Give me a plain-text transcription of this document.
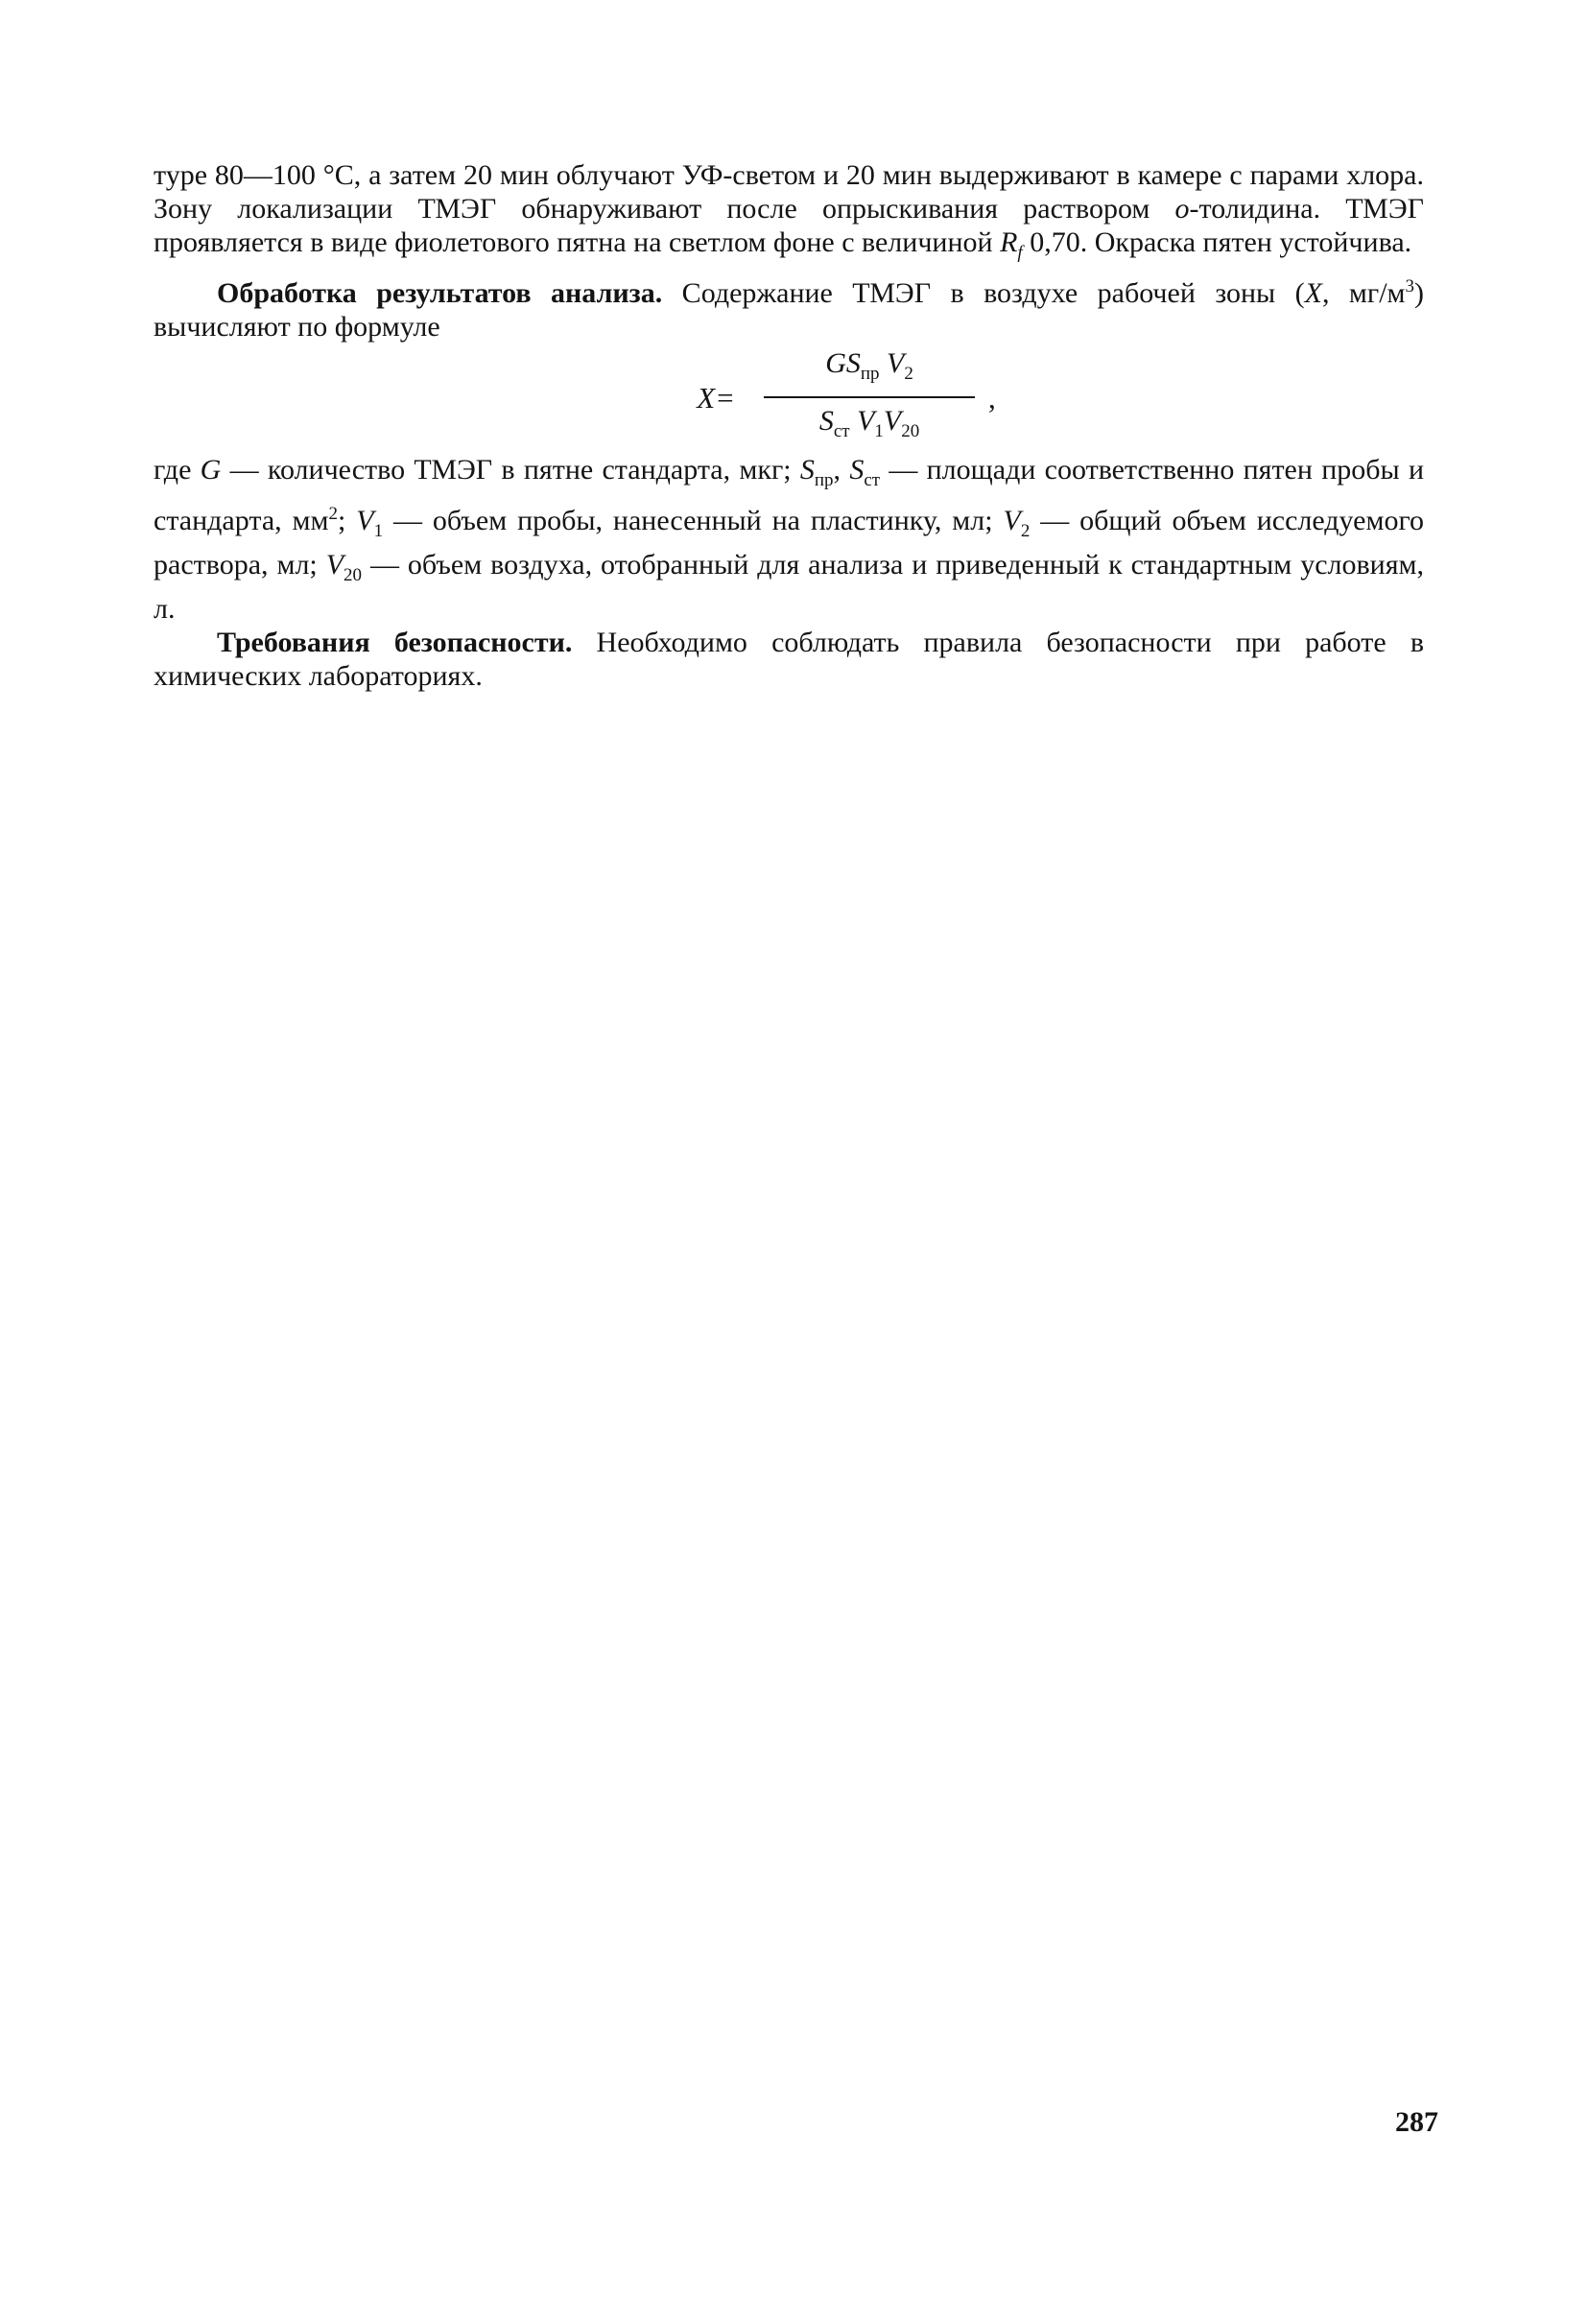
туре 80—100 °С, а затем 20 мин облучают УФ-светом и 20 мин выдерживают в камере с парами хлора. Зону локализации ТМЭГ обнаруживают после опрыскивания раствором о-толидина. ТМЭГ проявляется в виде фиолетового пятна на светлом фоне с величиной $R_f$ 0,70. Окраска пятен устойчива.

Обработка результатов анализа. Содержание ТМЭГ в воздухе рабочей зоны (X, $мг/м^3$) вычисляют по формуле

$X= \frac{GS_{пр} V_2}{S_{ст} V_1V_{20}}$ ,

где G — количество ТМЭГ в пятне стандарта, мкг; $S_{пр}$, $S_{ст}$ — площади соответственно пятен пробы и стандарта, $мм^2$; $V_1$ — объем пробы, нанесенный на пластинку, мл; $V_2$ — общий объем исследуемого раствора, мл; $V_{20}$ — объем воздуха, отобранный для анализа и приведенный к стандартным условиям, л.

Требования безопасности. Необходимо соблюдать правила безопасности при работе в химических лабораториях.

287
